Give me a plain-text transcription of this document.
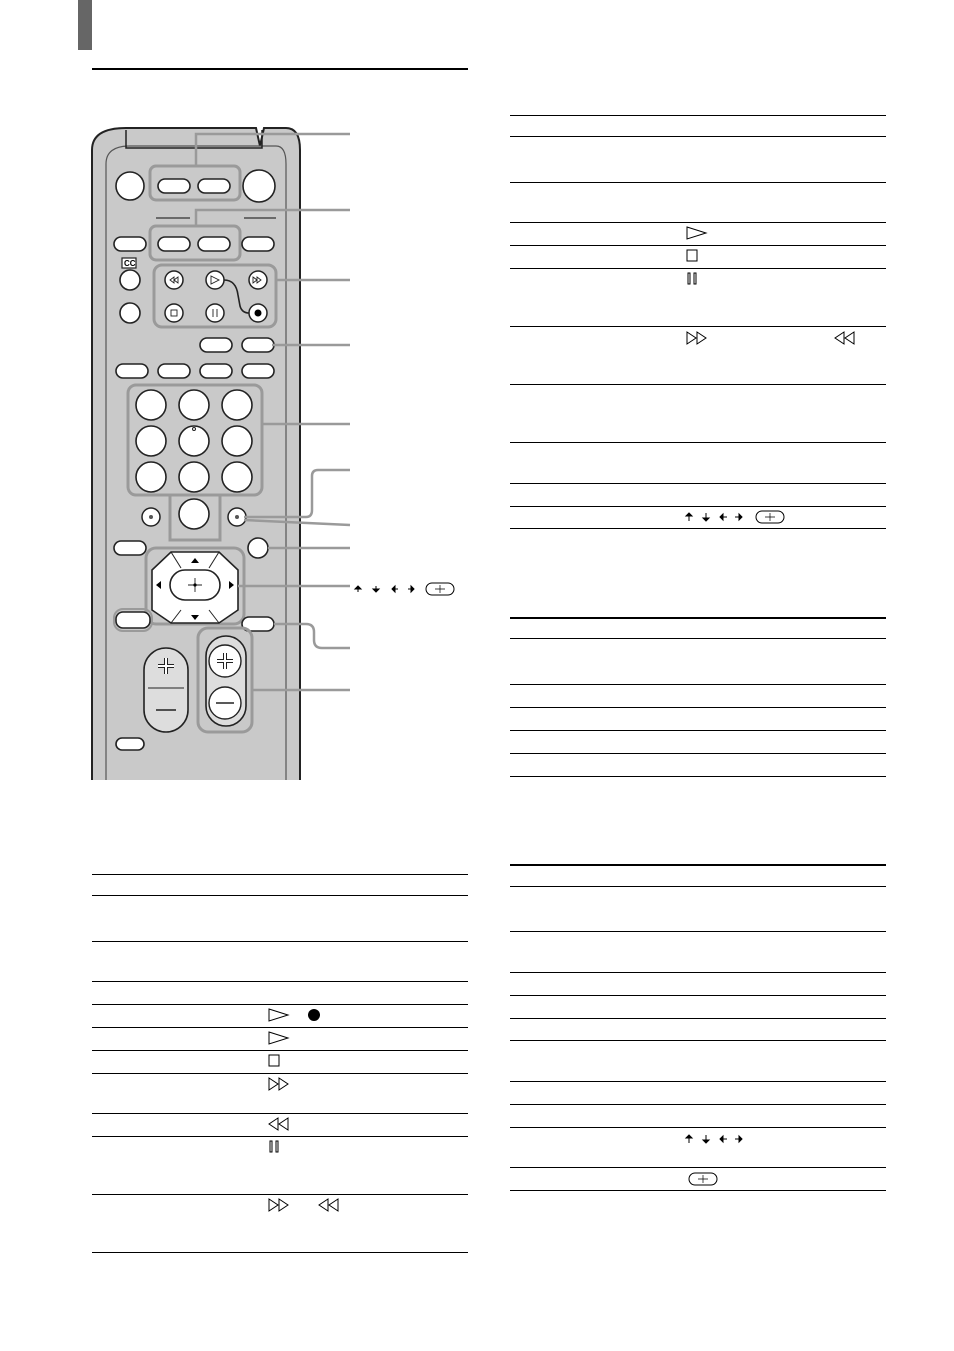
CC
